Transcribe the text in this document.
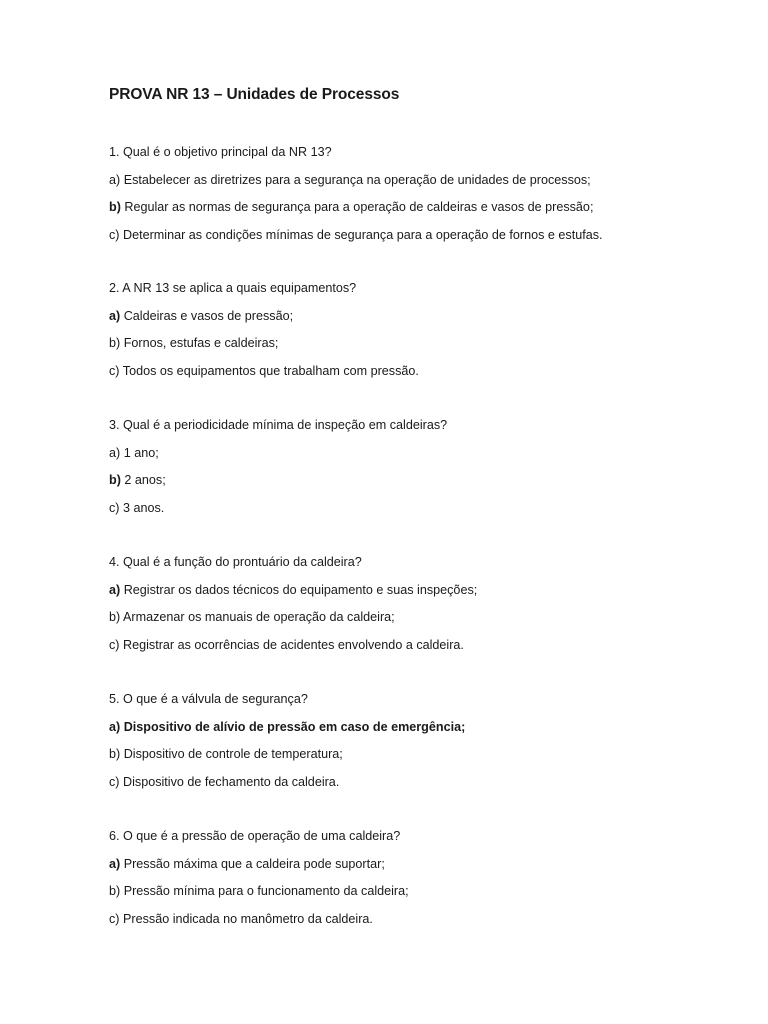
PROVA NR 13 – Unidades de Processos

1. Qual é o objetivo principal da NR 13?

a) Estabelecer as diretrizes para a segurança na operação de unidades de processos;

b) Regular as normas de segurança para a operação de caldeiras e vasos de pressão;

c) Determinar as condições mínimas de segurança para a operação de fornos e estufas.

2. A NR 13 se aplica a quais equipamentos?

a) Caldeiras e vasos de pressão;

b) Fornos, estufas e caldeiras;

c) Todos os equipamentos que trabalham com pressão.

3. Qual é a periodicidade mínima de inspeção em caldeiras?

a) 1 ano;

b) 2 anos;

c) 3 anos.

4. Qual é a função do prontuário da caldeira?

a) Registrar os dados técnicos do equipamento e suas inspeções;

b) Armazenar os manuais de operação da caldeira;

c) Registrar as ocorrências de acidentes envolvendo a caldeira.

5. O que é a válvula de segurança?

a) Dispositivo de alívio de pressão em caso de emergência;

b) Dispositivo de controle de temperatura;

c) Dispositivo de fechamento da caldeira.

6. O que é a pressão de operação de uma caldeira?

a) Pressão máxima que a caldeira pode suportar;

b) Pressão mínima para o funcionamento da caldeira;

c) Pressão indicada no manômetro da caldeira.
